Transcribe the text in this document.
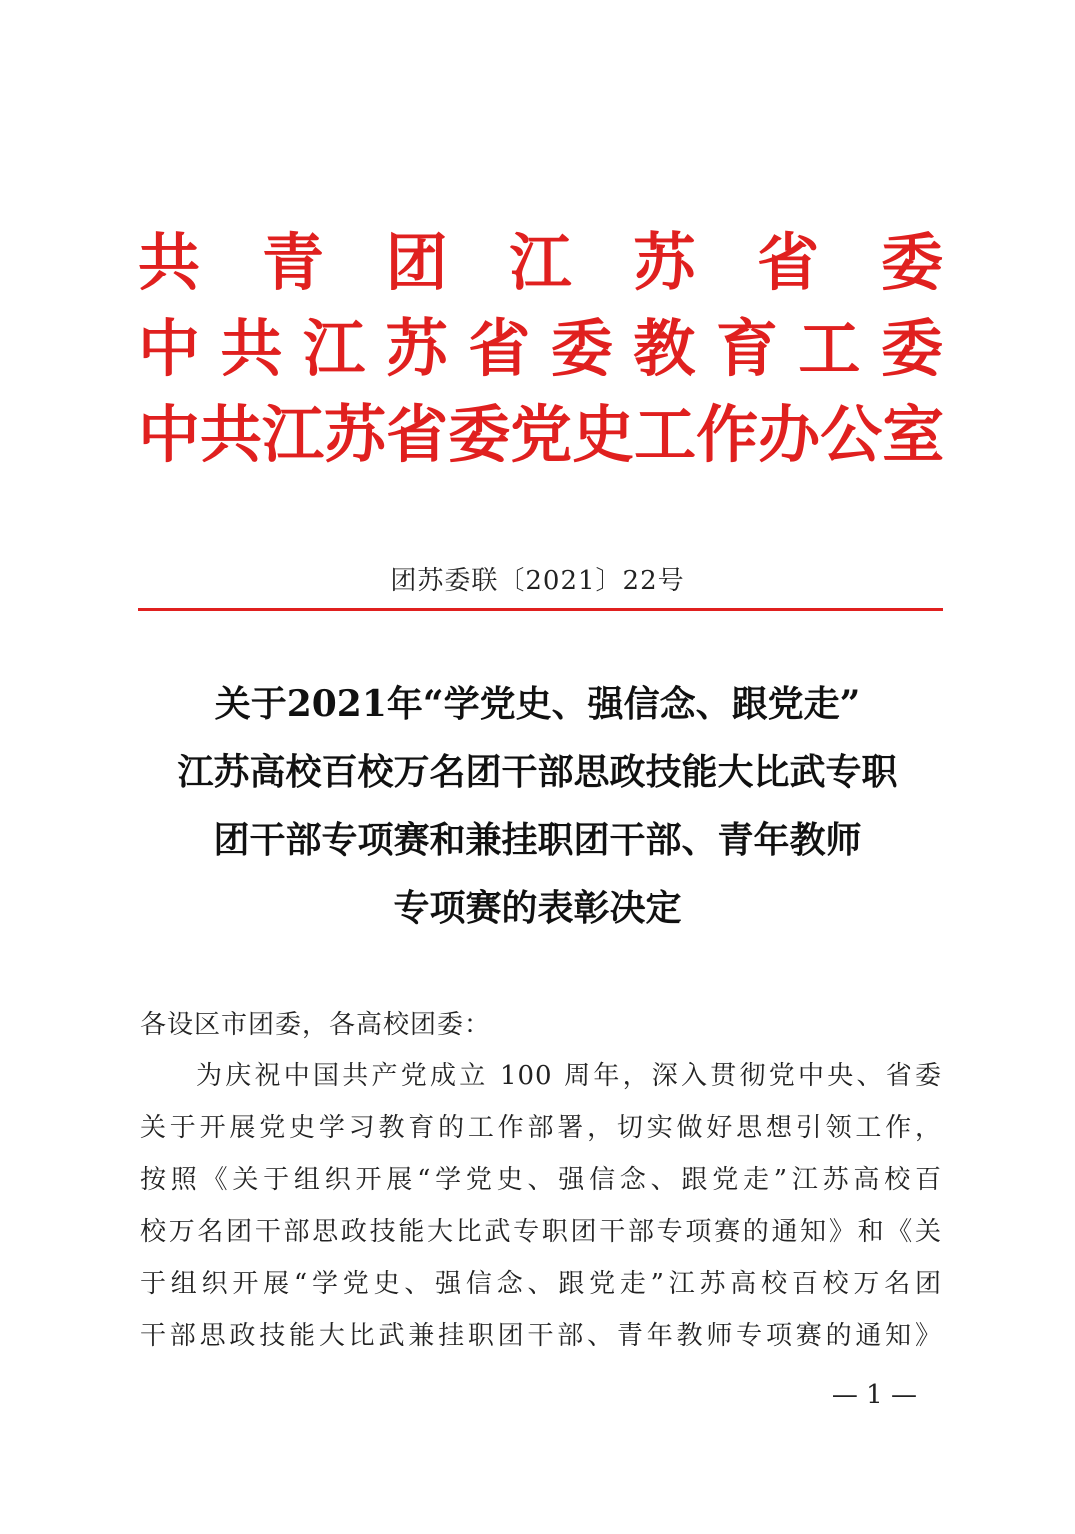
共 青 团 江 苏 省 委
中 共 江 苏 省 委 教 育 工 委
中 共 江 苏 省 委 党 史 工 作 办 公 室
团苏委联〔2021〕22号
关于2021年“学党史、强信念、跟党走”
江苏高校百校万名团干部思政技能大比武专职
团干部专项赛和兼挂职团干部、青年教师
专项赛的表彰决定
各设区市团委，各高校团委：
为庆祝中国共产党成立 100 周年，深入贯彻党中央、省委
关于开展党史学习教育的工作部署，切实做好思想引领工作，
按照《关于组织开展“学党史、强信念、跟党走”江苏高校百
校万名团干部思政技能大比武专职团干部专项赛的通知》和《关
于组织开展“学党史、强信念、跟党走”江苏高校百校万名团
干部思政技能大比武兼挂职团干部、青年教师专项赛的通知》
— 1 —
